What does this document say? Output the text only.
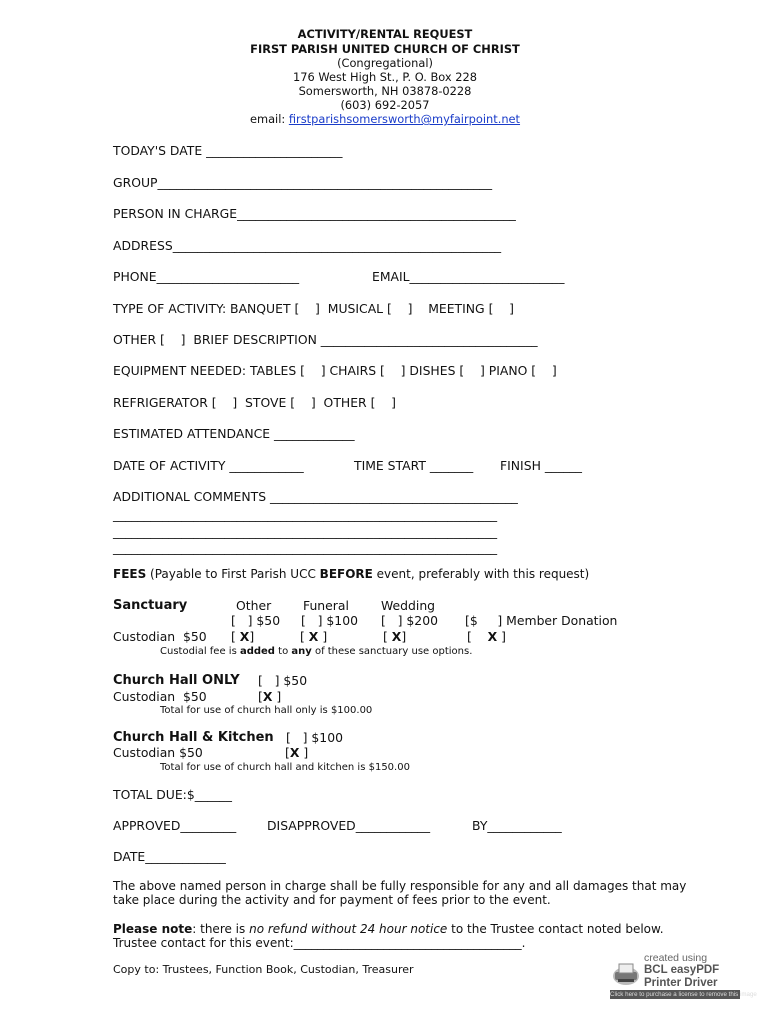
ACTIVITY/RENTAL REQUEST
FIRST PARISH UNITED CHURCH OF CHRIST
(Congregational)
176 West High St., P. O. Box 228
Somersworth, NH 03878-0228
(603) 692-2057
email: firstparishsomersworth@myfairpoint.net
TODAY'S DATE ______________________
GROUP______________________________________________________
PERSON IN CHARGE_____________________________________________
ADDRESS_____________________________________________________
PHONE_______________________	EMAIL_________________________
TYPE OF ACTIVITY: BANQUET [    ]  MUSICAL [    ]    MEETING [    ]
OTHER [    ]  BRIEF DESCRIPTION ___________________________________
EQUIPMENT NEEDED: TABLES [    ] CHAIRS [    ] DISHES [    ] PIANO [    ]
REFRIGERATOR [    ]  STOVE [    ]  OTHER [    ]
ESTIMATED ATTENDANCE _____________
DATE OF ACTIVITY ____________	TIME START _______ FINISH ______
ADDITIONAL COMMENTS ________________________________________
______________________________________________________________
______________________________________________________________
______________________________________________________________
FEES (Payable to First Parish UCC BEFORE event, preferably with this request)
Sanctuary	Other	Funeral	Wedding
[   ] $50 [   ] $100 [   ] $200 [$     ] Member Donation
Custodian  $50 [ X]	[ X ]	[ X]	[ X ]
Custodial fee is added to any of these sanctuary use options.
Church Hall ONLY [   ] $50
Custodian  $50	[X ]
Total for use of church hall only is $100.00
Church Hall & Kitchen [   ] $100
Custodian $50	[X ]
Total for use of church hall and kitchen is $150.00
TOTAL DUE:$______
APPROVED_________ DISAPPROVED____________	BY____________
DATE_____________
The above named person in charge shall be fully responsible for any and all damages that may
take place during the activity and for payment of fees prior to the event.
Please note: there is no refund without 24 hour notice to the Trustee contact noted below.
Trustee contact for this event:______________________________________.
Copy to: Trustees, Function Book, Custodian, Treasurer
created using
BCL easyPDF
Printer Driver
Click here to purchase a license to remove this image
